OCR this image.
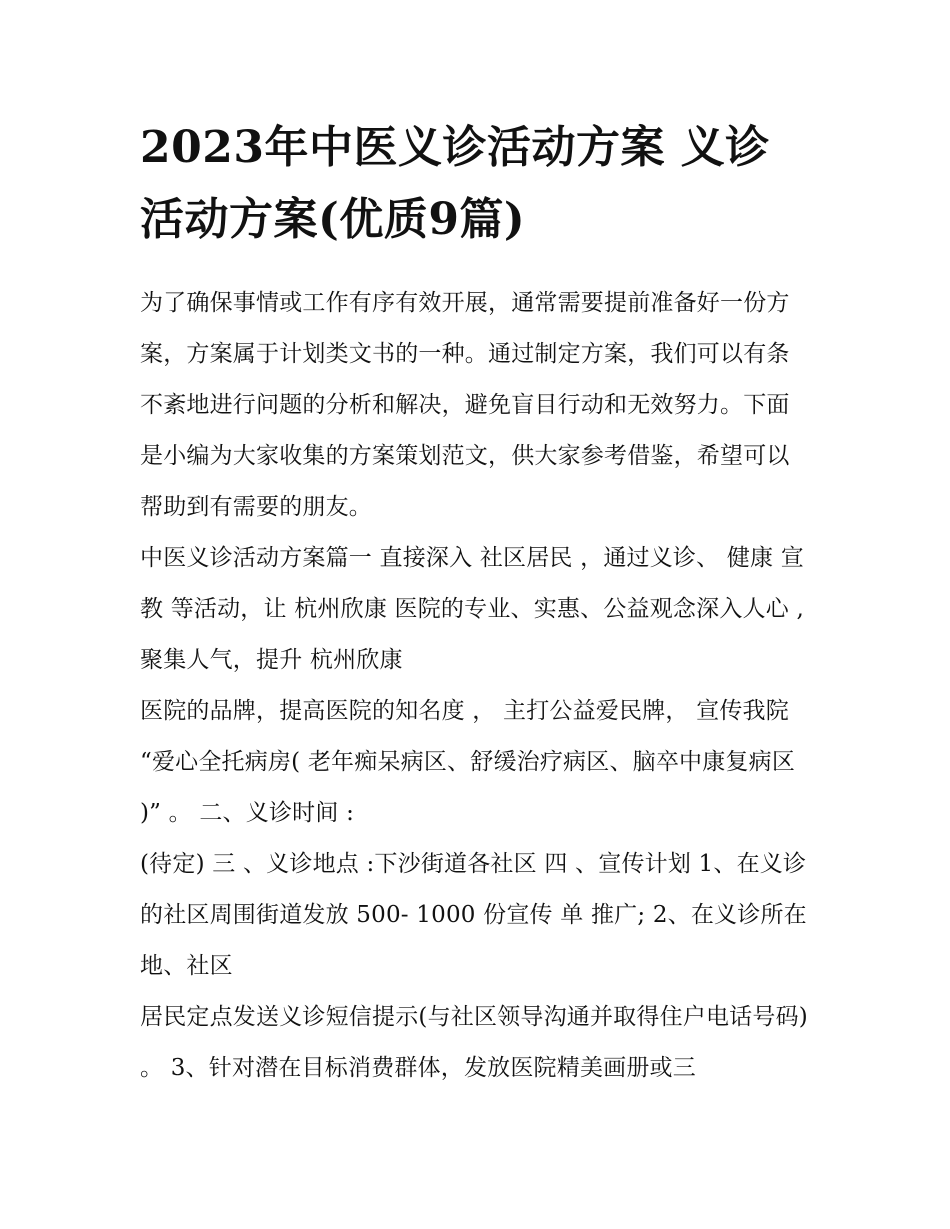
2023年中医义诊活动方案 义诊活动方案(优质9篇)

为了确保事情或工作有序有效开展，通常需要提前准备好一份方案，方案属于计划类文书的一种。通过制定方案，我们可以有条不紊地进行问题的分析和解决，避免盲目行动和无效努力。下面是小编为大家收集的方案策划范文，供大家参考借鉴，希望可以帮助到有需要的朋友。

中医义诊活动方案篇一 直接深入 社区居民 ，通过义诊、 健康 宣 教 等活动，让 杭州欣康 医院的专业、实惠、公益观念深入人心 , 聚集人气，提升 杭州欣康

医院的品牌，提高医院的知名度 ， 主打公益爱民牌， 宣传我院 “爱心全托病房( 老年痴呆病区、舒缓治疗病区、脑卒中康复病区 )” 。 二、义诊时间 :

(待定) 三 、义诊地点 :下沙街道各社区 四 、宣传计划 1、在义诊的社区周围街道发放 500- 1000 份宣传 单 推广; 2、在义诊所在地、社区

居民定点发送义诊短信提示(与社区领导沟通并取得住户电话号码) 。 3、针对潜在目标消费群体，发放医院精美画册或三
